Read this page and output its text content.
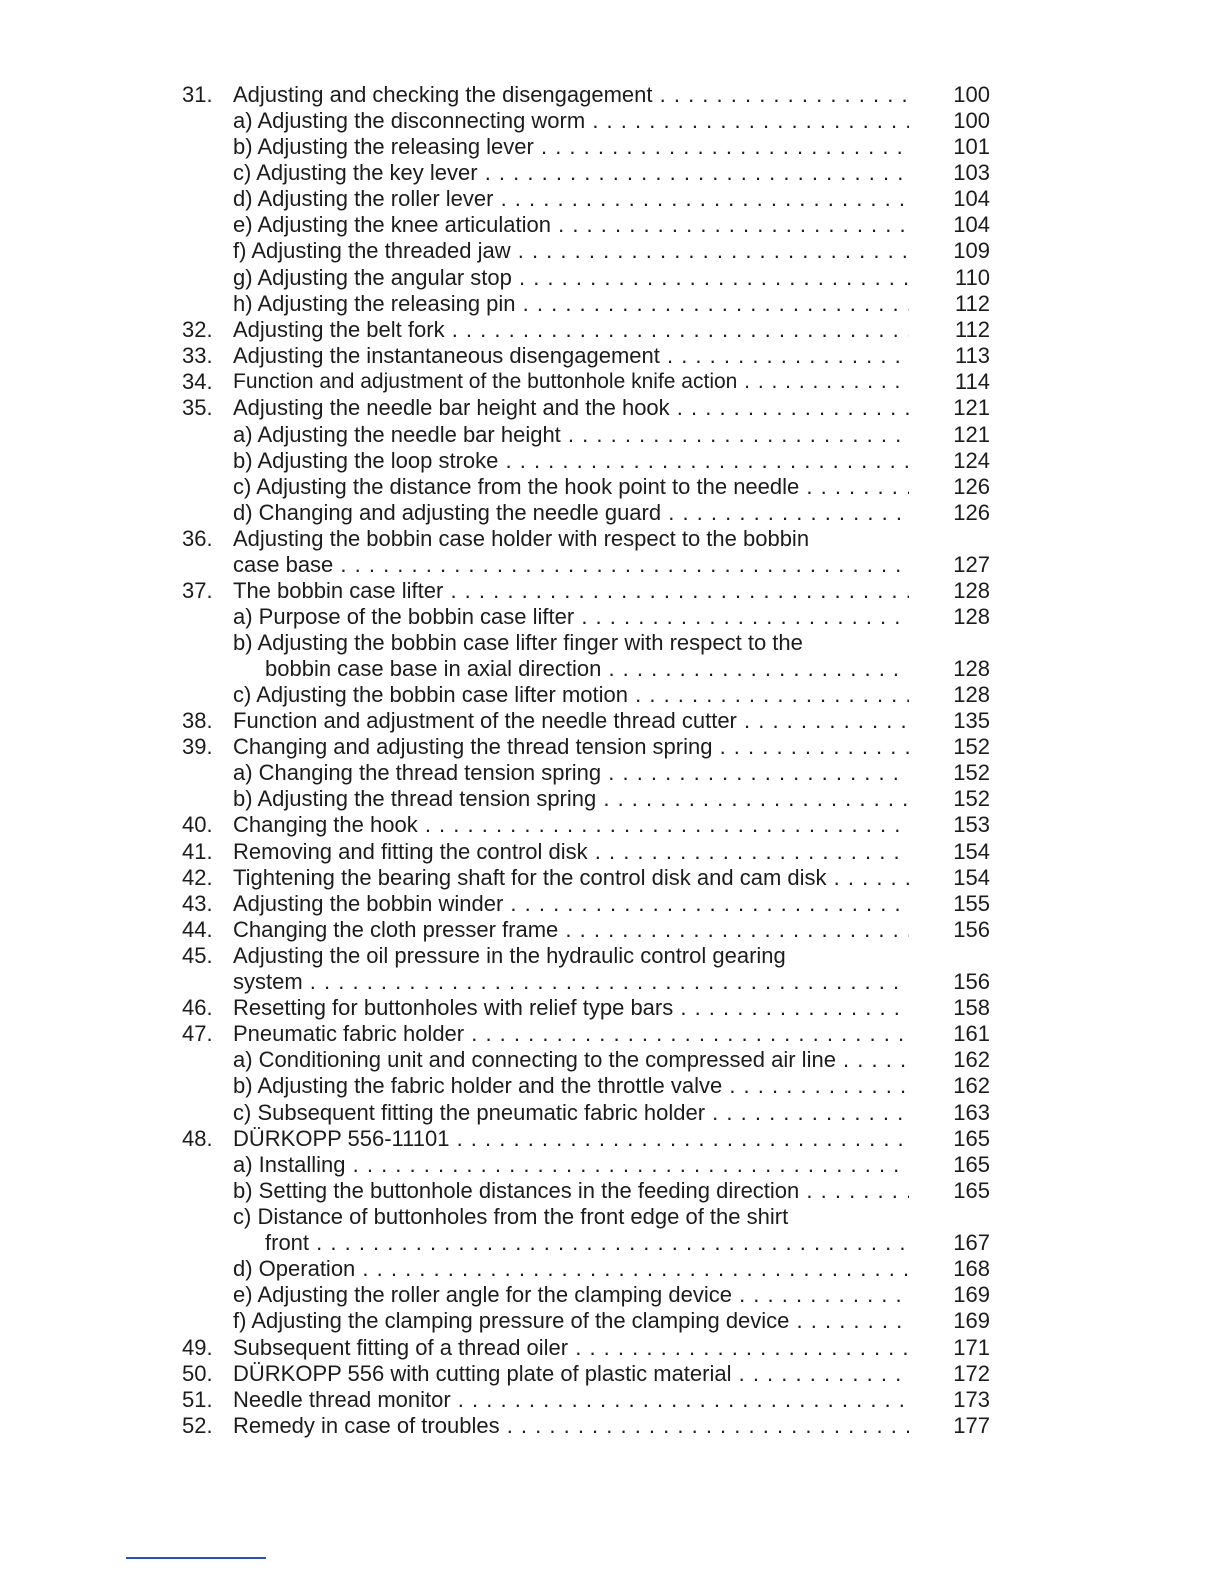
31. Adjusting and checking the disengagement . . .	100
a) Adjusting the disconnecting worm . . .	100
b) Adjusting the releasing lever . . .	101
c) Adjusting the key lever . . .	103
d) Adjusting the roller lever . . .	104
e) Adjusting the knee articulation . . .	104
f) Adjusting the threaded jaw . . .	109
g) Adjusting the angular stop . . .	110
h) Adjusting the releasing pin . . .	112
32. Adjusting the belt fork . . .	112
33. Adjusting the instantaneous disengagement . . .	113
34. Function and adjustment of the buttonhole knife action . . .	114
35. Adjusting the needle bar height and the hook . . .	121
a) Adjusting the needle bar height . . .	121
b) Adjusting the loop stroke . . .	124
c) Adjusting the distance from the hook point to the needle . . .	126
d) Changing and adjusting the needle guard . . .	126
36. Adjusting the bobbin case holder with respect to the bobbin
case base . . .	127
37. The bobbin case lifter . . .	128
a) Purpose of the bobbin case lifter . . .	128
b) Adjusting the bobbin case lifter finger with respect to the
bobbin case base in axial direction . . .	128
c) Adjusting the bobbin case lifter motion . . .	128
38. Function and adjustment of the needle thread cutter . . .	135
39. Changing and adjusting the thread tension spring . . .	152
a) Changing the thread tension spring . . .	152
b) Adjusting the thread tension spring . . .	152
40. Changing the hook . . .	153
41. Removing and fitting the control disk . . .	154
42. Tightening the bearing shaft for the control disk and cam disk . . .	154
43. Adjusting the bobbin winder . . .	155
44. Changing the cloth presser frame . . .	156
45. Adjusting the oil pressure in the hydraulic control gearing
system . . .	156
46. Resetting for buttonholes with relief type bars . . .	158
47. Pneumatic fabric holder . . .	161
a) Conditioning unit and connecting to the compressed air line . . .	162
b) Adjusting the fabric holder and the throttle valve . . .	162
c) Subsequent fitting the pneumatic fabric holder . . .	163
48. DÜRKOPP 556-11101 . . .	165
a) Installing . . .	165
b) Setting the buttonhole distances in the feeding direction . . .	165
c) Distance of buttonholes from the front edge of the shirt
front . . .	167
d) Operation . . .	168
e) Adjusting the roller angle for the clamping device . . .	169
f) Adjusting the clamping pressure of the clamping device . . .	169
49. Subsequent fitting of a thread oiler . . .	171
50. DÜRKOPP 556 with cutting plate of plastic material . . .	172
51. Needle thread monitor . . .	173
52. Remedy in case of troubles . . .	177
